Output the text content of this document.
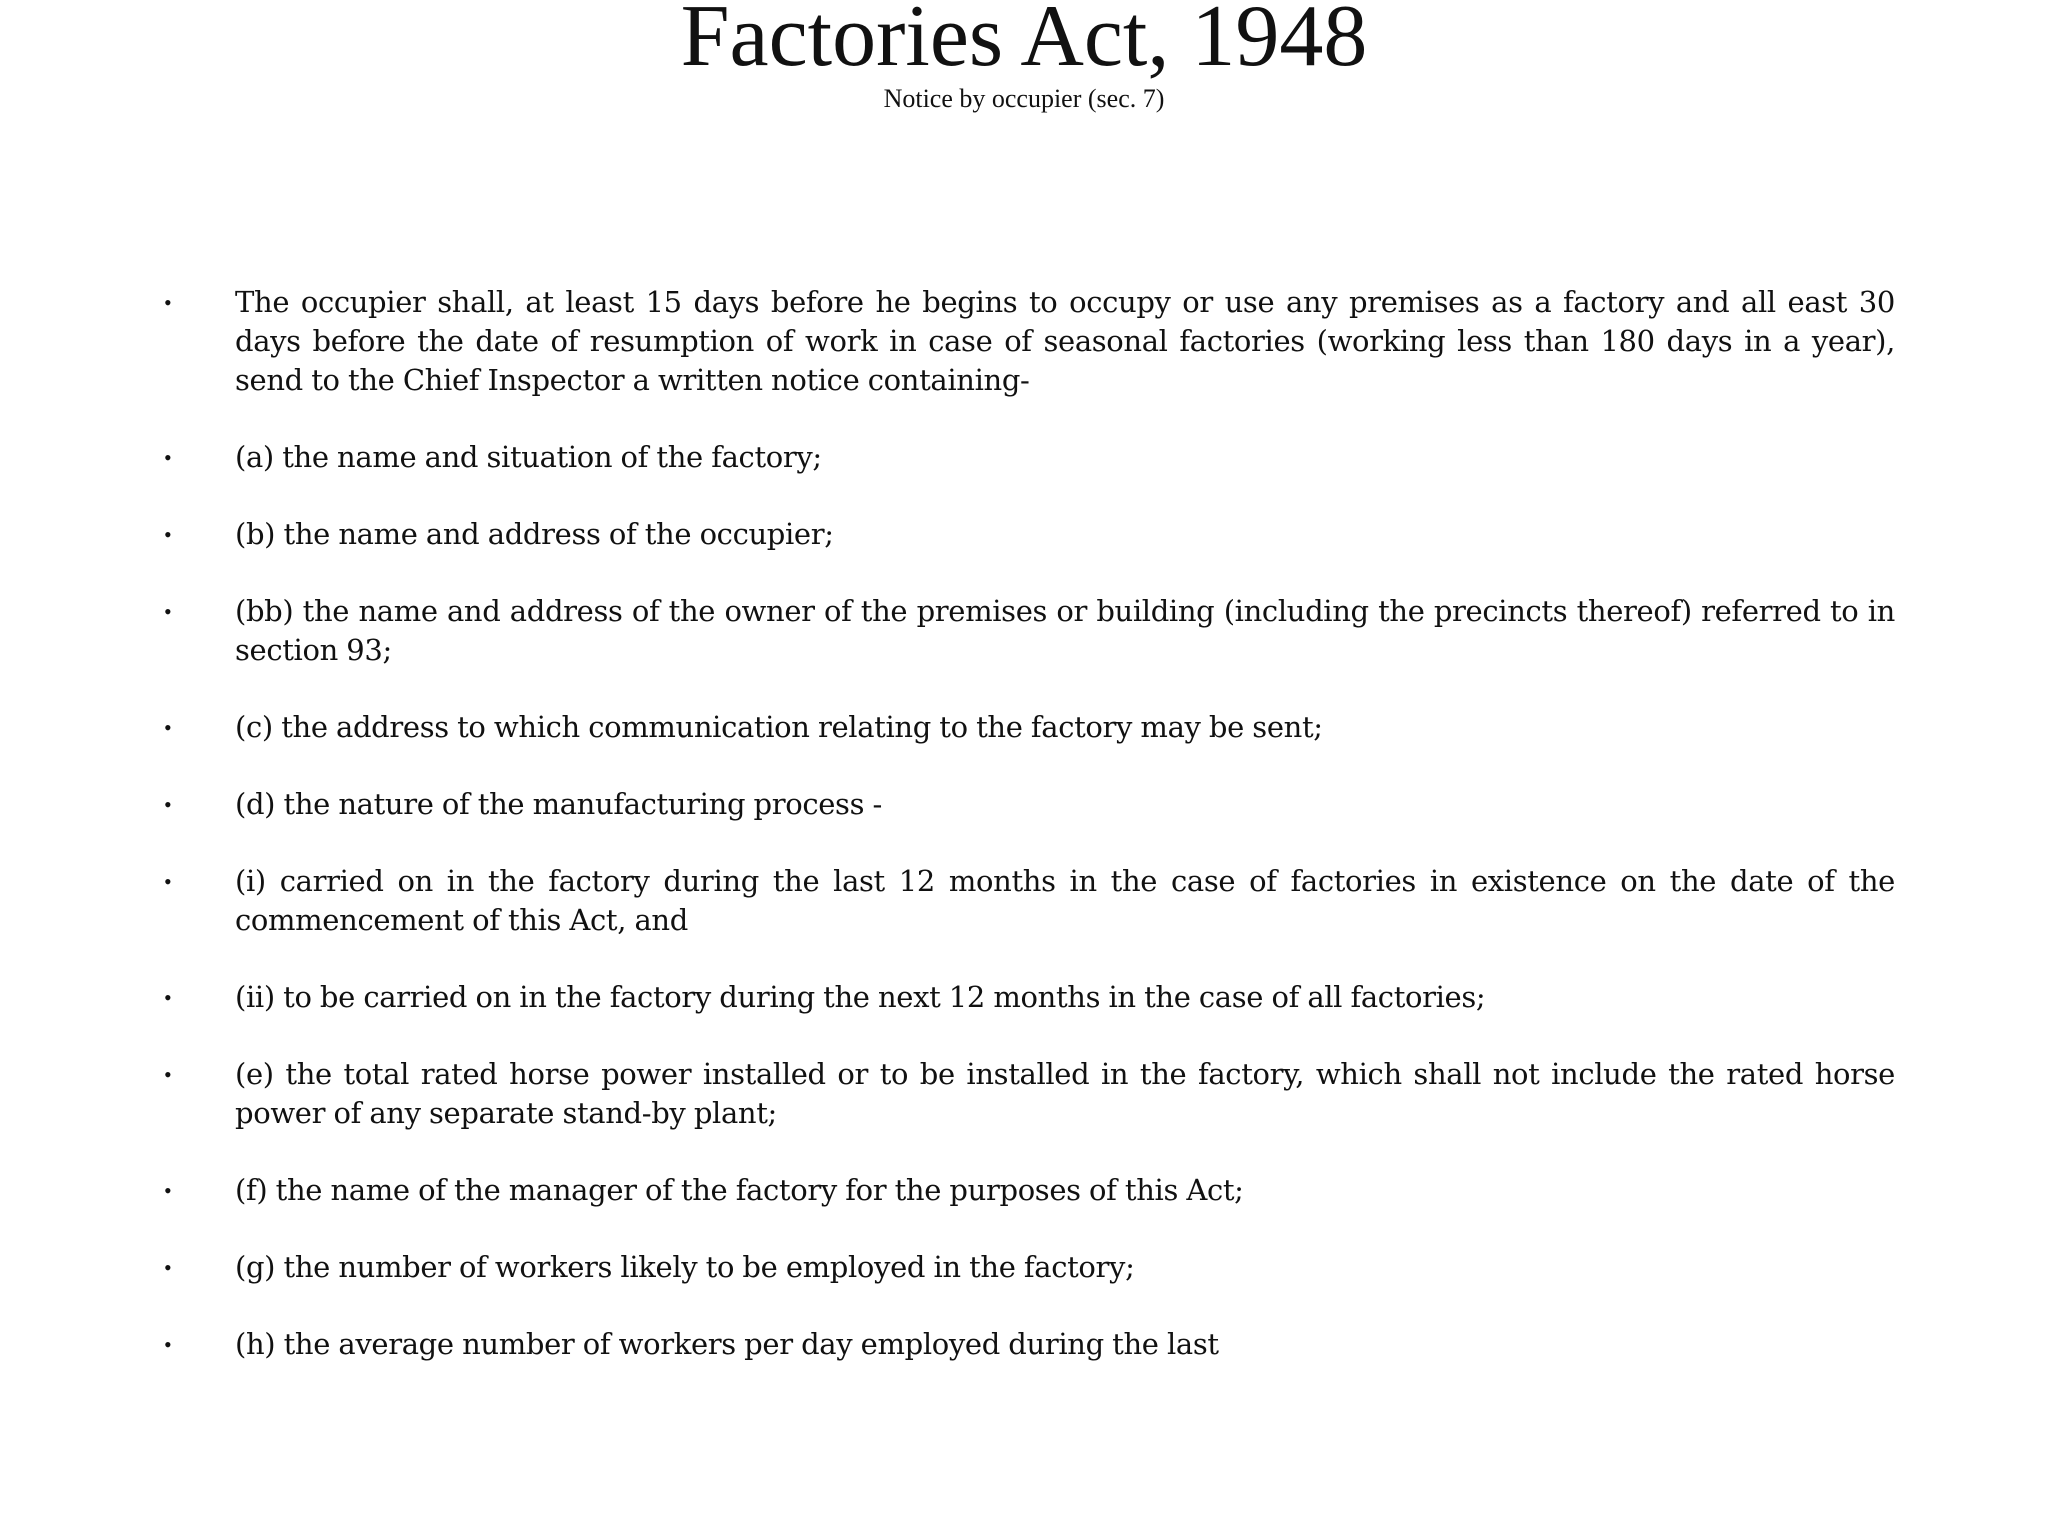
Factories Act, 1948
Notice by occupier (sec. 7)
• The occupier shall, at least 15 days before he begins to occupy or use any premises as a factory and all east 30 days before the date of resumption of work in case of seasonal factories (working less than 180 days in a year), send to the Chief Inspector a written notice containing-
• (a) the name and situation of the factory;
• (b) the name and address of the occupier;
• (bb) the name and address of the owner of the premises or building (including the precincts thereof) referred to in section 93;
• (c) the address to which communication relating to the factory may be sent;
• (d) the nature of the manufacturing process -
• (i) carried on in the factory during the last 12 months in the case of factories in existence on the date of the commencement of this Act, and
• (ii) to be carried on in the factory during the next 12 months in the case of all factories;
• (e) the total rated horse power installed or to be installed in the factory, which shall not include the rated horse power of any separate stand-by plant;
• (f) the name of the manager of the factory for the purposes of this Act;
• (g) the number of workers likely to be employed in the factory;
• (h) the average number of workers per day employed during the last
